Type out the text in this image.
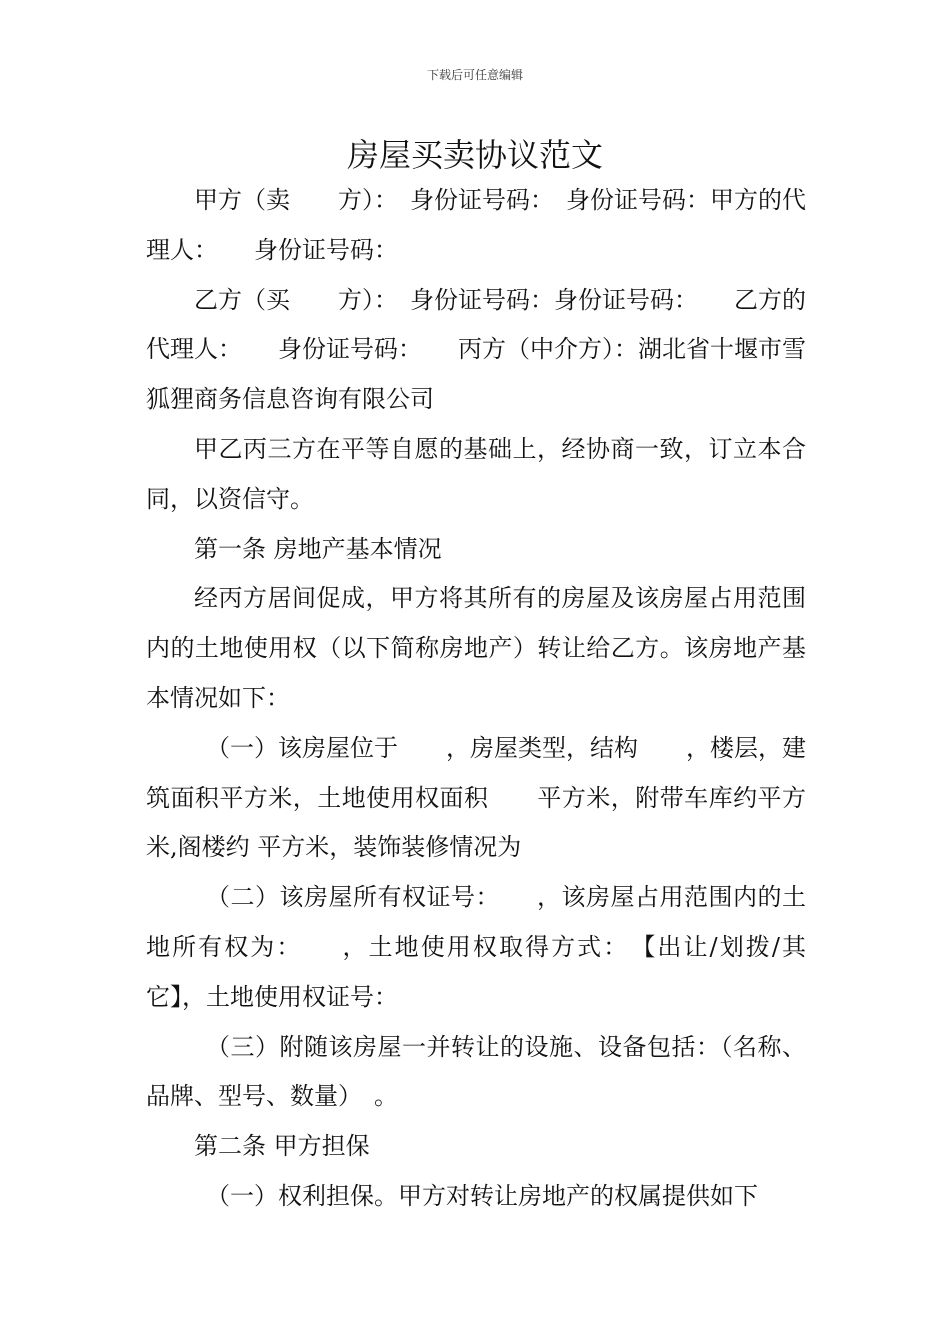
下载后可任意编辑
房屋买卖协议范文

甲方（卖　　方）：　身份证号码：　身份证号码：甲方的代理人：　　身份证号码：

乙方（买　　方）：　身份证号码：身份证号码：　　乙方的代理人：　　身份证号码：　　丙方（中介方）：湖北省十堰市雪狐狸商务信息咨询有限公司

甲乙丙三方在平等自愿的基础上，经协商一致，订立本合同，以资信守。

第一条 房地产基本情况

经丙方居间促成，甲方将其所有的房屋及该房屋占用范围内的土地使用权（以下简称房地产）转让给乙方。该房地产基本情况如下：

（一）该房屋位于　　，房屋类型，结构　　，楼层，建筑面积平方米，土地使用权面积　　平方米，附带车库约平方米,阁楼约 平方米，装饰装修情况为

（二）该房屋所有权证号：　　，该房屋占用范围内的土地所有权为：　　，土地使用权取得方式：　【出让/划拨/其它】，土地使用权证号：

（三）附随该房屋一并转让的设施、设备包括：（名称、品牌、型号、数量）　。

第二条 甲方担保

（一）权利担保。甲方对转让房地产的权属提供如下
